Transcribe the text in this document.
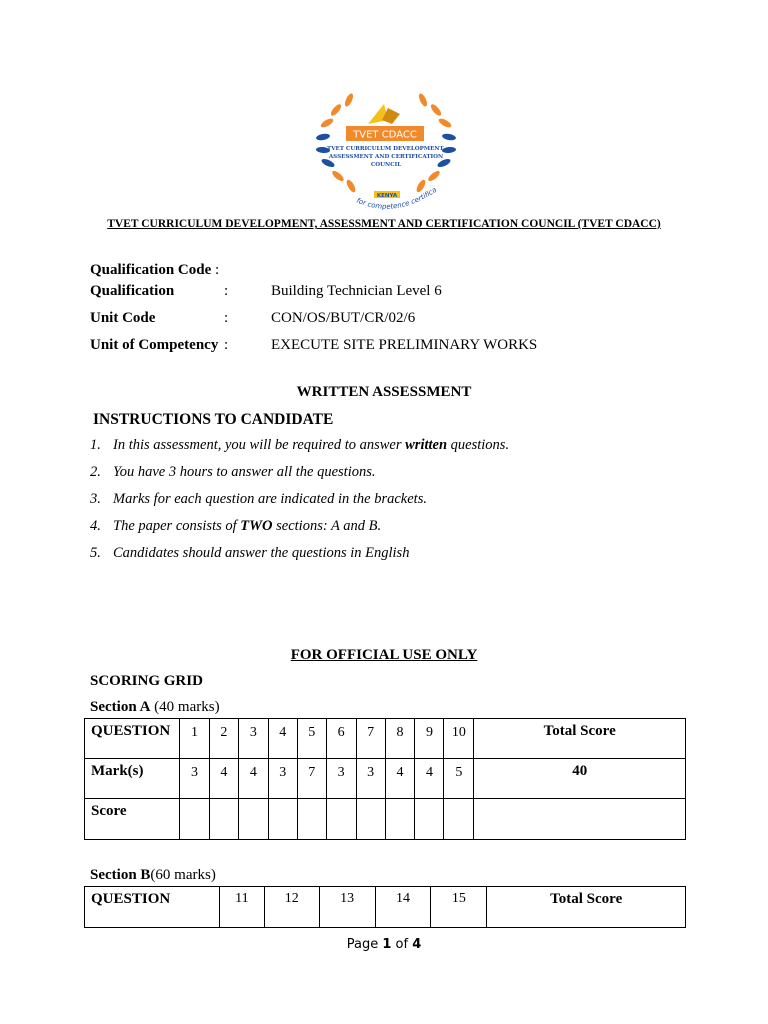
TVET CDACC
TVET CURRICULUM DEVELOPMENT,
ASSESSMENT AND CERTIFICATION
COUNCIL
KENYA
for competence certification
TVET CURRICULUM DEVELOPMENT, ASSESSMENT AND CERTIFICATION COUNCIL (TVET CDACC)
Qualification Code :
Qualification	:	Building Technician Level 6
Unit Code	:	CON/OS/BUT/CR/02/6
Unit of Competency :	EXECUTE SITE PRELIMINARY WORKS
WRITTEN ASSESSMENT
INSTRUCTIONS TO CANDIDATE
1. In this assessment, you will be required to answer written questions.
2. You have 3 hours to answer all the questions.
3. Marks for each question are indicated in the brackets.
4. The paper consists of TWO sections: A and B.
5. Candidates should answer the questions in English
FOR OFFICIAL USE ONLY
SCORING GRID
Section A (40 marks)
QUESTION	1	2	3	4	5	6	7	8	9	10	Total Score
Mark(s)	3	4	4	3	7	3	3	4	4	5	40
Score											
Section B(60 marks)
QUESTION	11	12	13	14	15	Total Score
Page 1 of 4
